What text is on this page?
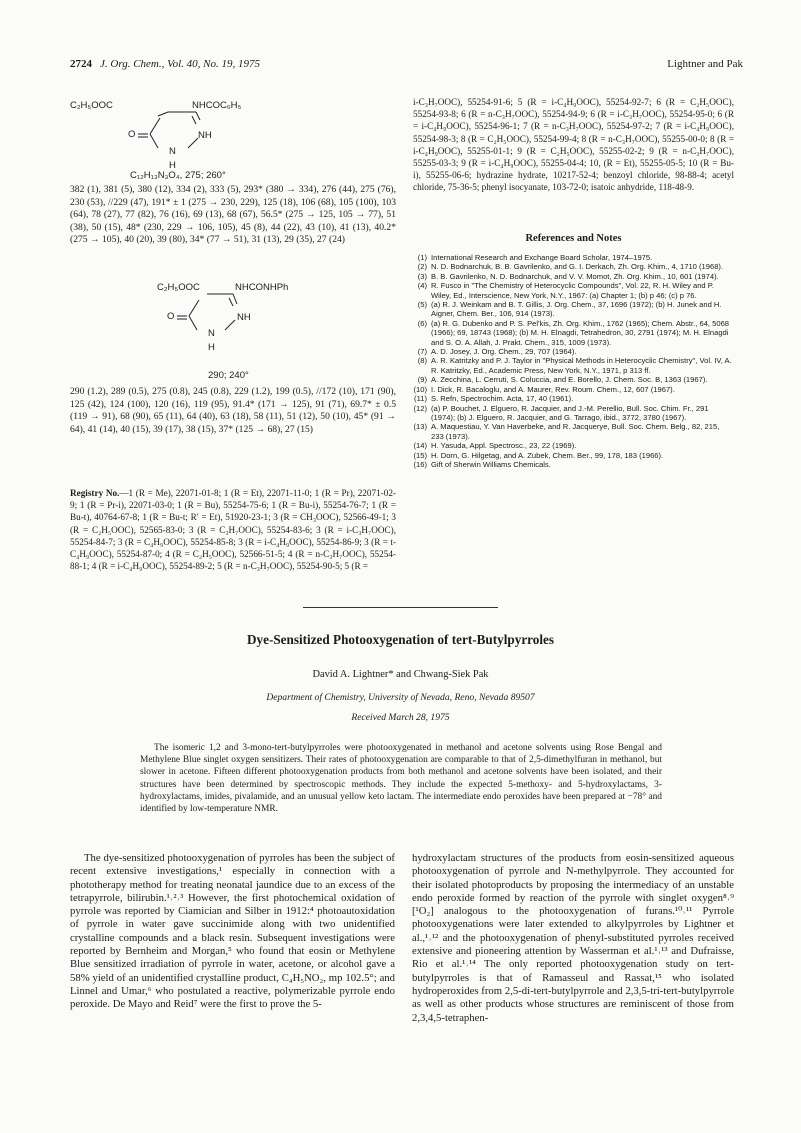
2724 J. Org. Chem., Vol. 40, No. 19, 1975	Lightner and Pak
C₂H₅OOC	NHCOC₆H₅
O	NH
N
H
C₁₂H₁₃N₃O₄, 275; 260°
382 (1), 381 (5), 380 (12), 334 (2), 333 (5), 293* (380 → 334), 276 (44), 275 (76), 230 (53), //229 (47), 191* ± 1 (275 → 230, 229), 125 (18), 106 (68), 105 (100), 103 (64), 78 (27), 77 (82), 76 (16), 69 (13), 68 (67), 56.5* (275 → 125, 105 → 77), 51 (38), 50 (15), 48* (230, 229 → 106, 105), 45 (8), 44 (22), 43 (10), 41 (13), 40.2* (275 → 105), 40 (20), 39 (80), 34* (77 → 51), 31 (13), 29 (35), 27 (24)
C₂H₅OOC	NHCONHPh
O	NH
N
H
290; 240°
290 (1.2), 289 (0.5), 275 (0.8), 245 (0.8), 229 (1.2), 199 (0.5), //172 (10), 171 (90), 125 (42), 124 (100), 120 (16), 119 (95), 91.4* (171 → 125), 91 (71), 69.7* ± 0.5 (119 → 91), 68 (90), 65 (11), 64 (40), 63 (18), 58 (11), 51 (12), 50 (10), 45* (91 → 64), 41 (14), 40 (15), 39 (17), 38 (15), 37* (125 → 68), 27 (15)
Registry No.—1 (R = Me), 22071-01-8; 1 (R = Et), 22071-11-0; 1 (R = Pr), 22071-02-9; 1 (R = Pr-i), 22071-03-0; 1 (R = Bu), 55254-75-6; 1 (R = Bu-i), 55254-76-7; 1 (R = Bu-t), 40764-67-8; 1 (R = Bu-t; R′ = Et), 51920-23-1; 3 (R = CH₃OOC), 52566-49-1; 3 (R = C₂H₅OOC), 52565-83-0; 3 (R = C₃H₇OOC), 55254-83-6; 3 (R = i-C₃H₇OOC), 55254-84-7; 3 (R = C₄H₉OOC), 55254-85-8; 3 (R = i-C₄H₉OOC), 55254-86-9; 3 (R = t-C₄H₉OOC), 55254-87-0; 4 (R = C₂H₅OOC), 52566-51-5; 4 (R = n-C₃H₇OOC), 55254-88-1; 4 (R = i-C₄H₉OOC), 55254-89-2; 5 (R = n-C₃H₇OOC), 55254-90-5; 5 (R =
i-C₃H₇OOC), 55254-91-6; 5 (R = i-C₄H₉OOC), 55254-92-7; 6 (R = C₂H₅OOC), 55254-93-8; 6 (R = n-C₃H₇OOC), 55254-94-9; 6 (R = i-C₃H₇OOC), 55254-95-0; 6 (R = i-C₄H₉OOC), 55254-96-1; 7 (R = n-C₃H₇OOC), 55254-97-2; 7 (R = i-C₄H₉OOC), 55254-98-3; 8 (R = C₂H₅OOC), 55254-99-4; 8 (R = n-C₃H₇OOC), 55255-00-0; 8 (R = i-C₄H₉OOC), 55255-01-1; 9 (R = C₂H₅OOC), 55255-02-2; 9 (R = n-C₃H₇OOC), 55255-03-3; 9 (R = i-C₄H₉OOC), 55255-04-4; 10, (R = Et), 55255-05-5; 10 (R = Bu-i), 55255-06-6; hydrazine hydrate, 10217-52-4; benzoyl chloride, 98-88-4; acetyl chloride, 75-36-5; phenyl isocyanate, 103-72-0; isatoic anhydride, 118-48-9.
References and Notes
(1) International Research and Exchange Board Scholar, 1974–1975.
(2) N. D. Bodnarchuk, B. B. Gavrilenko, and G. I. Derkach, Zh. Org. Khim., 4, 1710 (1968).
(3) B. B. Gavrilenko, N. D. Bodnarchuk, and V. V. Momot, Zh. Org. Khim., 10, 601 (1974).
(4) R. Fusco in "The Chemistry of Heterocyclic Compounds", Vol. 22, R. H. Wiley and P. Wiley, Ed., Interscience, New York, N.Y., 1967: (a) Chapter 1; (b) p 46; (c) p 76.
(5) (a) R. J. Weinkam and B. T. Gillis, J. Org. Chem., 37, 1696 (1972); (b) H. Junek and H. Aigner, Chem. Ber., 106, 914 (1973).
(6) (a) R. G. Dubenko and P. S. Pel'kis, Zh. Org. Khim., 1762 (1965); Chem. Abstr., 64, 5068 (1966); 69, 18743 (1968); (b) M. H. Elnagdi, Tetrahedron, 30, 2791 (1974); M. H. Elnagdi and S. O. A. Allah, J. Prakt. Chem., 315, 1009 (1973).
(7) A. D. Josey, J. Org. Chem., 29, 707 (1964).
(8) A. R. Katritzky and P. J. Taylor in "Physical Methods in Heterocyclic Chemistry", Vol. IV, A. R. Katritzky, Ed., Academic Press, New York, N.Y., 1971, p 313 ff.
(9) A. Zecchina, L. Cerruti, S. Coluccia, and E. Borello, J. Chem. Soc. B, 1363 (1967).
(10) I. Dick, R. Bacaloglu, and A. Maurer, Rev. Roum. Chem., 12, 607 (1967).
(11) S. Refn, Spectrochim. Acta, 17, 40 (1961).
(12) (a) P. Bouchet, J. Elguero, R. Jacquier, and J.-M. Perellio, Bull. Soc. Chim. Fr., 291 (1974); (b) J. Elguero, R. Jacquier, and G. Tarrago, ibid., 3772, 3780 (1967).
(13) A. Maquestiau, Y. Van Haverbeke, and R. Jacquerye, Bull. Soc. Chem. Belg., 82, 215, 233 (1973).
(14) H. Yasuda, Appl. Spectrosc., 23, 22 (1969).
(15) H. Dorn, G. Hilgetag, and A. Zubek, Chem. Ber., 99, 178, 183 (1966).
(16) Gift of Sherwin Williams Chemicals.
Dye-Sensitized Photooxygenation of tert-Butylpyrroles
David A. Lightner* and Chwang-Siek Pak
Department of Chemistry, University of Nevada, Reno, Nevada 89507
Received March 28, 1975
The isomeric 1,2 and 3-mono-tert-butylpyrroles were photooxygenated in methanol and acetone solvents using Rose Bengal and Methylene Blue singlet oxygen sensitizers. Their rates of photooxygenation are comparable to that of 2,5-dimethylfuran in methanol, but slower in acetone. Fifteen different photooxygenation products from both methanol and acetone solvents have been isolated, and their structures have been determined by spectroscopic methods. They include the expected 5-methoxy- and 5-hydroxylactams, 3-hydroxylactams, imides, pivalamide, and an unusual yellow keto lactam. The intermediate endo peroxides have been prepared at −78° and identified by low-temperature NMR.
The dye-sensitized photooxygenation of pyrroles has been the subject of recent extensive investigations,¹ especially in connection with a phototherapy method for treating neonatal jaundice due to an excess of the tetrapyrrole, bilirubin.¹˒²˒³ However, the first photochemical oxidation of pyrrole was reported by Ciamician and Silber in 1912:⁴ photoautoxidation of pyrrole in water gave succinimide along with two unidentified crystalline compounds and a black resin. Subsequent investigations were reported by Bernheim and Morgan,⁵ who found that eosin or Methylene Blue sensitized irradiation of pyrrole in water, acetone, or alcohol gave a 58% yield of an unidentified crystalline product, C₄H₅NO₂, mp 102.5°; and Linnel and Umar,⁶ who postulated a reactive, polymerizable pyrrole endo peroxide. De Mayo and Reid⁷ were the first to prove the 5-
hydroxylactam structures of the products from eosin-sensitized aqueous photooxygenation of pyrrole and N-methylpyrrole. They accounted for their isolated photoproducts by proposing the intermediacy of an unstable endo peroxide formed by reaction of the pyrrole with singlet oxygen⁸˒⁹ [¹O₂] analogous to the photooxygenation of furans.¹⁰˒¹¹ Pyrrole photooxygenations were later extended to alkylpyrroles by Lightner et al.,¹˒¹² and the photooxygenation of phenyl-substituted pyrroles received extensive and pioneering attention by Wasserman et al.¹˒¹³ and Dufraisse, Rio et al.¹˒¹⁴ The only reported photooxygenation study on tert-butylpyrroles is that of Ramasseul and Rassat,¹⁵ who isolated hydroperoxides from 2,5-di-tert-butylpyrrole and 2,3,5-tri-tert-butylpyrrole as well as other products whose structures are reminiscent of those from 2,3,4,5-tetraphen-
